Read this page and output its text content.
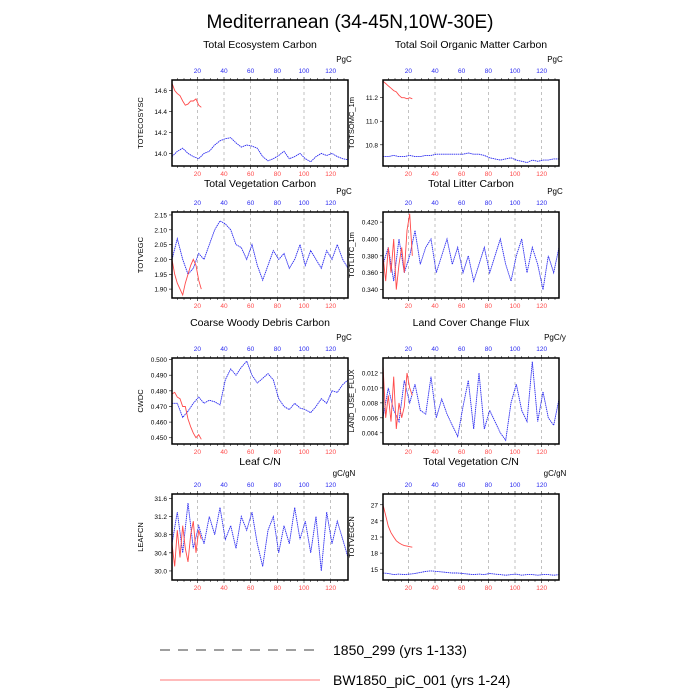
Mediterranean (34-45N,10W-30E)
Total Ecosystem Carbon
PgC
20
20
40
40
60
60
80
80
100
100
120
120
14.0
14.2
14.4
14.6
TOTECOSYSC
Total Soil Organic Matter Carbon
PgC
20
20
40
40
60
60
80
80
100
100
120
120
10.8
11.0
11.2
TOTSOMC_1m
Total Vegetation Carbon
PgC
20
20
40
40
60
60
80
80
100
100
120
120
1.90
1.95
2.00
2.05
2.10
2.15
TOTVEGC
Total Litter Carbon
PgC
20
20
40
40
60
60
80
80
100
100
120
120
0.340
0.360
0.380
0.400
0.420
TOTLITC_1m
Coarse Woody Debris Carbon
PgC
20
20
40
40
60
60
80
80
100
100
120
120
0.450
0.460
0.470
0.480
0.490
0.500
CWDC
Land Cover Change Flux
PgC/y
20
20
40
40
60
60
80
80
100
100
120
120
0.004
0.006
0.008
0.010
0.012
LAND_USE_FLUX
Leaf C/N
gC/gN
20
20
40
40
60
60
80
80
100
100
120
120
30.0
30.4
30.8
31.2
31.6
LEAFCN
Total Vegetation C/N
gC/gN
20
20
40
40
60
60
80
80
100
100
120
120
15
18
21
24
27
TOTVEGCN
1850_299 (yrs 1-133)
BW1850_piC_001 (yrs 1-24)
